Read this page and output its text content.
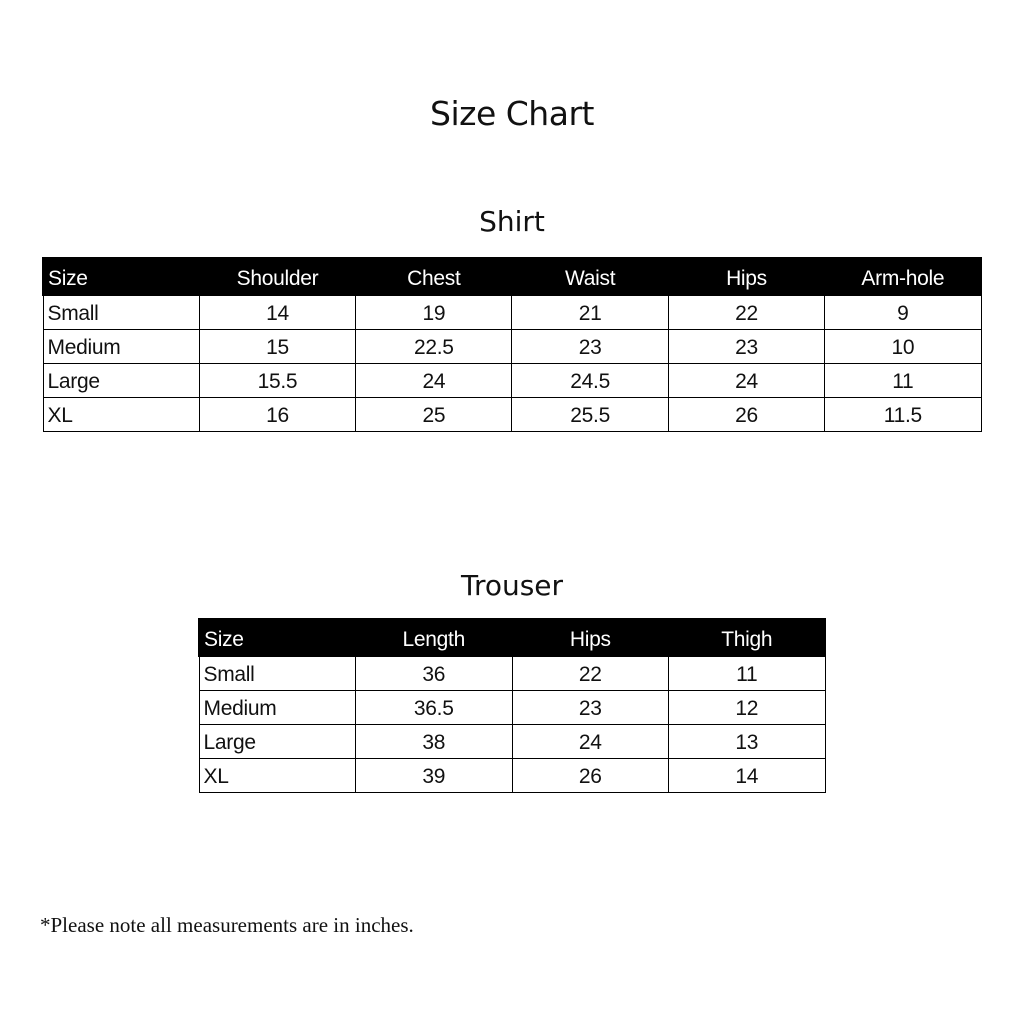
Size Chart
Shirt
Size	Shoulder	Chest	Waist	Hips	Arm-hole
Small	14	19	21	22	9
Medium	15	22.5	23	23	10
Large	15.5	24	24.5	24	11
XL	16	25	25.5	26	11.5
Trouser
Size	Length	Hips	Thigh
Small	36	22	11
Medium	36.5	23	12
Large	38	24	13
XL	39	26	14
*Please note all measurements are in inches.
